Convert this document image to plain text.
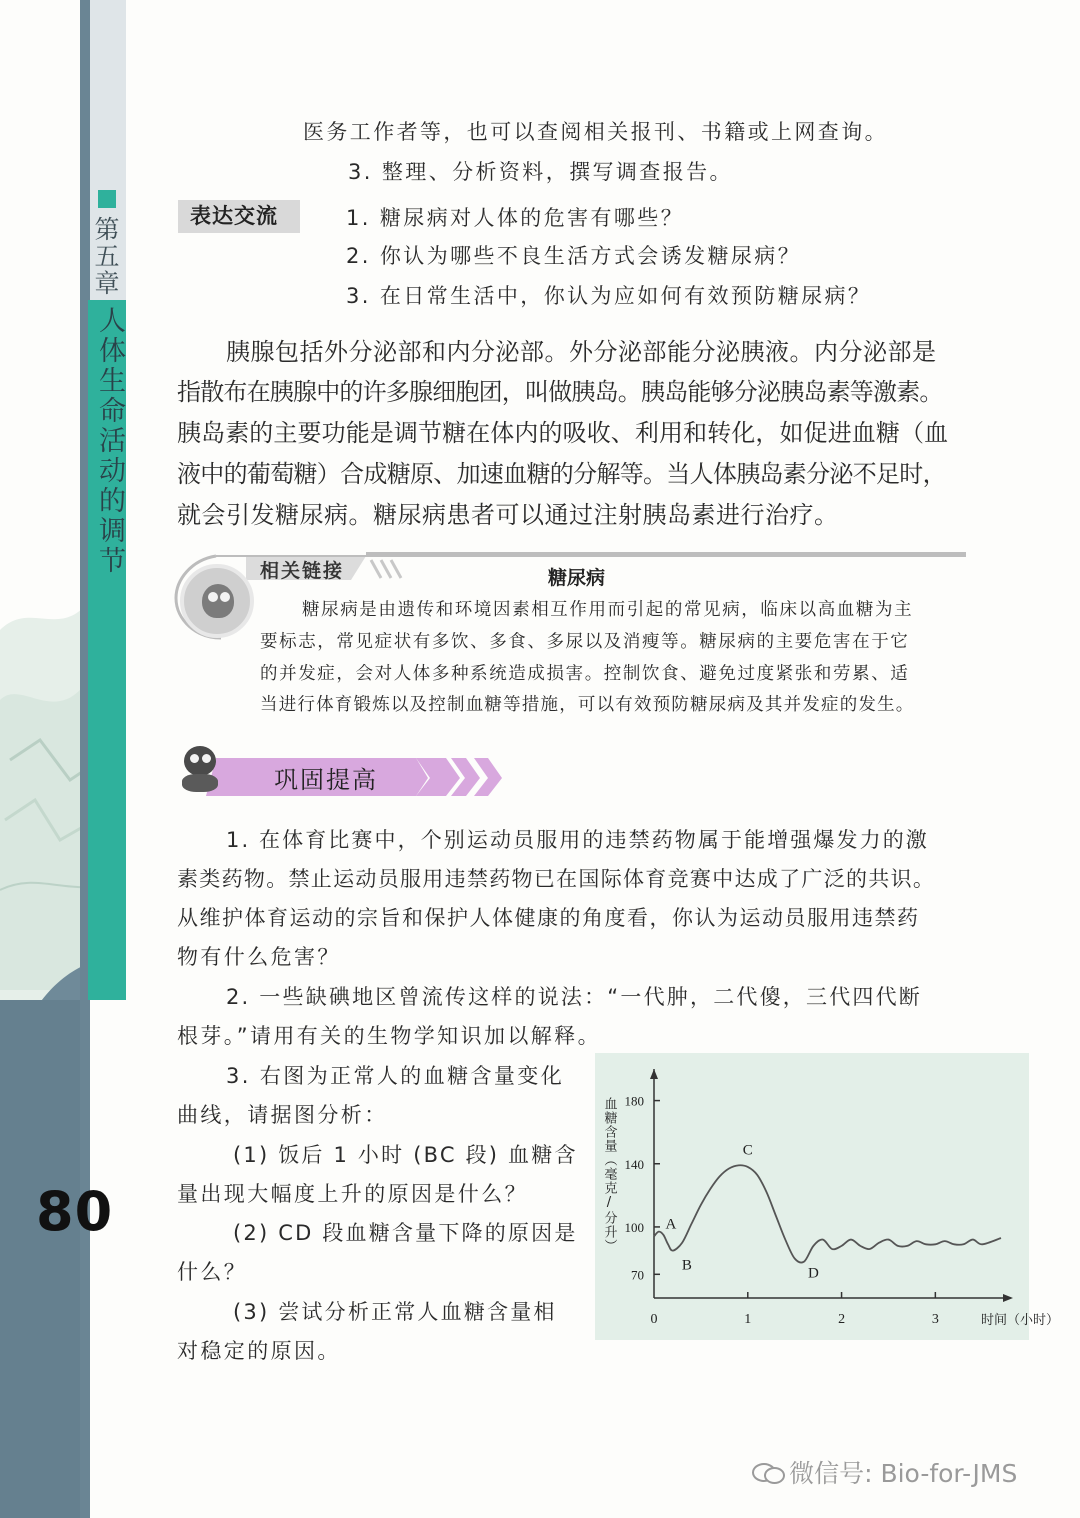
第五章
人体生命活动的调节
80
医务工作者等，也可以查阅相关报刊、书籍或上网查询。
3. 整理、分析资料，撰写调查报告。
表达交流	1. 糖尿病对人体的危害有哪些？
2. 你认为哪些不良生活方式会诱发糖尿病？
3. 在日常生活中，你认为应如何有效预防糖尿病？
胰腺包括外分泌部和内分泌部。外分泌部能分泌胰液。内分泌部是
指散布在胰腺中的许多腺细胞团，叫做胰岛。胰岛能够分泌胰岛素等激素。
胰岛素的主要功能是调节糖在体内的吸收、利用和转化，如促进血糖（血
液中的葡萄糖）合成糖原、加速血糖的分解等。当人体胰岛素分泌不足时，
就会引发糖尿病。糖尿病患者可以通过注射胰岛素进行治疗。
相关链接	糖尿病
糖尿病是由遗传和环境因素相互作用而引起的常见病，临床以高血糖为主
要标志，常见症状有多饮、多食、多尿以及消瘦等。糖尿病的主要危害在于它
的并发症，会对人体多种系统造成损害。控制饮食、避免过度紧张和劳累、适
当进行体育锻炼以及控制血糖等措施，可以有效预防糖尿病及其并发症的发生。
巩固提高
1. 在体育比赛中，个别运动员服用的违禁药物属于能增强爆发力的激
素类药物。禁止运动员服用违禁药物已在国际体育竞赛中达成了广泛的共识。
从维护体育运动的宗旨和保护人体健康的角度看，你认为运动员服用违禁药
物有什么危害？
2. 一些缺碘地区曾流传这样的说法：“一代肿，二代傻，三代四代断
根芽。”请用有关的生物学知识加以解释。
3. 右图为正常人的血糖含量变化
曲线，请据图分析：
(1) 饭后 1 小时 (BC 段) 血糖含
量出现大幅度上升的原因是什么？
(2) CD 段血糖含量下降的原因是
什么？
(3) 尝试分析正常人血糖含量相
对稳定的原因。
0	1	2	3
70
100
140
180
血糖含量（毫克/分升）
时间（小时）
A
B
C
D
微信号: Bio-for-JMS
